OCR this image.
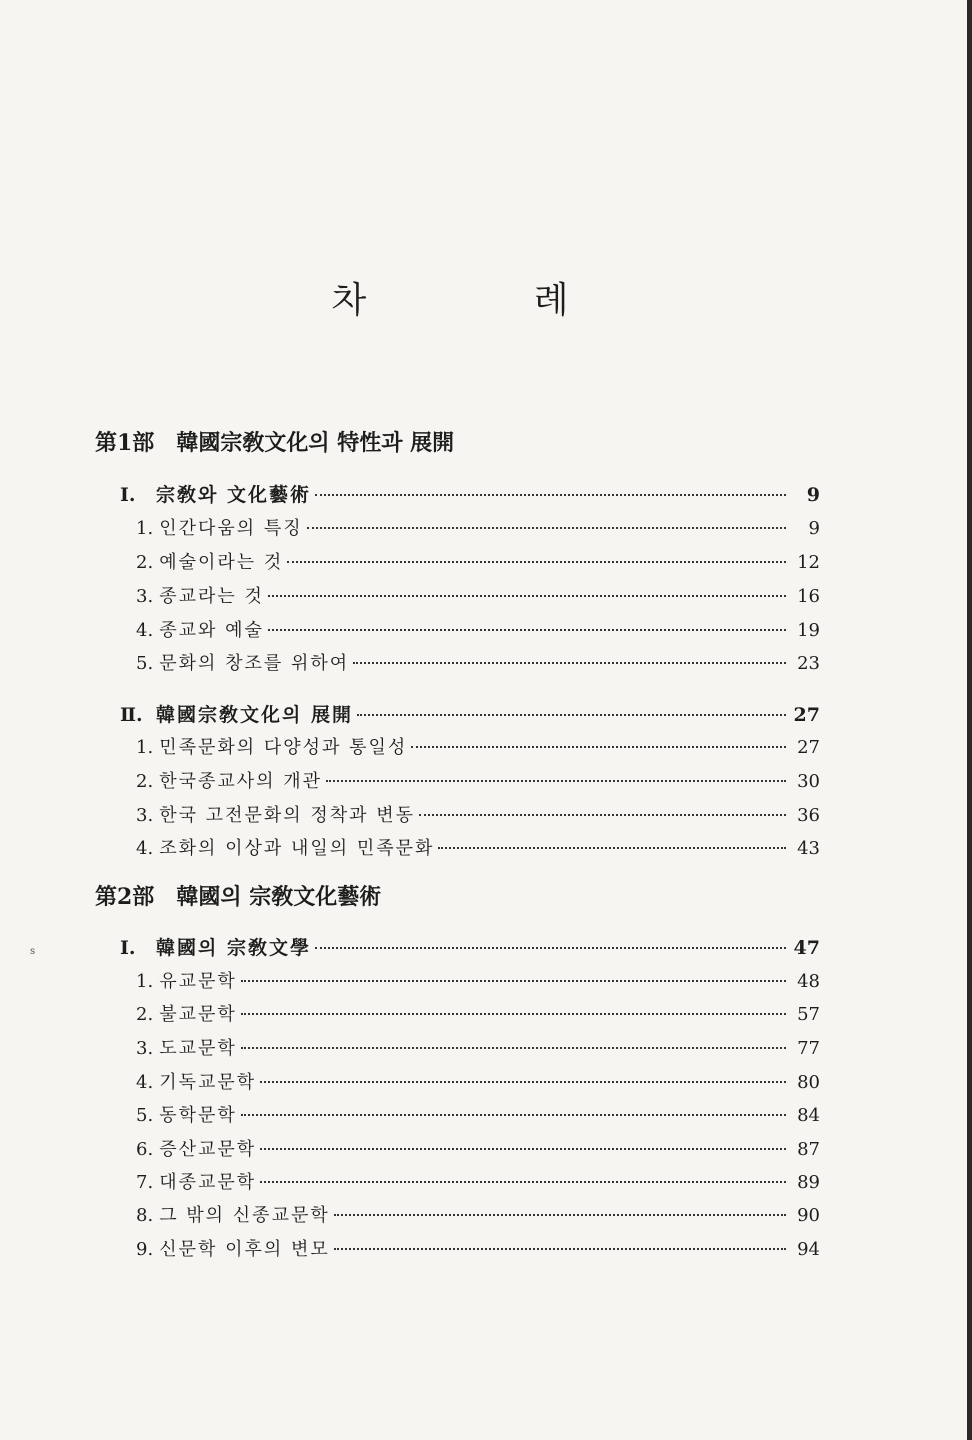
차 례
第1部 韓國宗敎文化의 特性과 展開
Ⅰ.	宗敎와 文化藝術	9
1. 인간다움의 특징	9
2. 예술이라는 것	12
3. 종교라는 것	16
4. 종교와 예술	19
5. 문화의 창조를 위하여	23
Ⅱ. 韓國宗敎文化의 展開	27
1. 민족문화의 다양성과 통일성	27
2. 한국종교사의 개관	30
3. 한국 고전문화의 정착과 변동	36
4. 조화의 이상과 내일의 민족문화	43
第2部 韓國의 宗敎文化藝術
Ⅰ.	韓國의 宗敎文學	47
1. 유교문학	48
2. 불교문학	57
3. 도교문학	77
4. 기독교문학	80
5. 동학문학	84
6. 증산교문학	87
7. 대종교문학	89
8. 그 밖의 신종교문학	90
9. 신문학 이후의 변모	94
s
